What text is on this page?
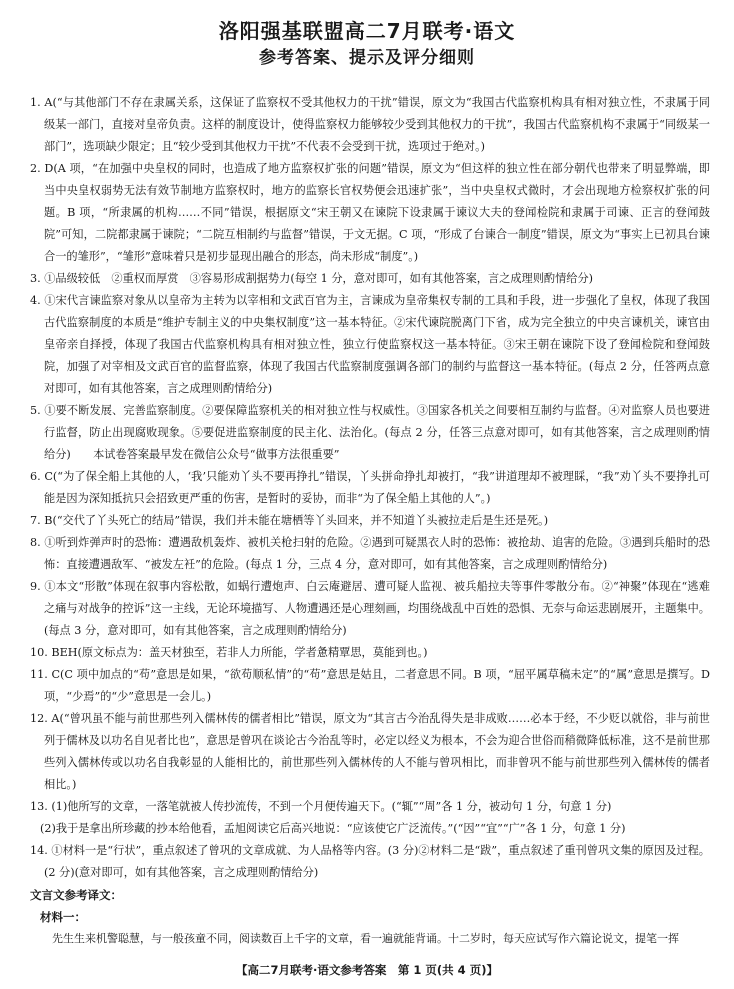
洛阳强基联盟高二7月联考·语文
参考答案、提示及评分细则

1. A(“与其他部门不存在隶属关系，这保证了监察权不受其他权力的干扰”错误，原文为“我国古代监察机构具有相对独立性，不隶属于同级某一部门，直接对皇帝负责。这样的制度设计，使得监察权力能够较少受到其他权力的干扰”，我国古代监察机构不隶属于“同级某一部门”，选项缺少限定；且“较少受到其他权力干扰”不代表不会受到干扰，选项过于绝对。)

2. D(A 项，“在加强中央皇权的同时，也造成了地方监察权扩张的问题”错误，原文为“但这样的独立性在部分朝代也带来了明显弊端，即当中央皇权弱势无法有效节制地方监察权时，地方的监察长官权势便会迅速扩张”，当中央皇权式微时，才会出现地方检察权扩张的问题。B 项，“所隶属的机构……不同”错误，根据原文“宋王朝又在谏院下设隶属于谏议大夫的登闻检院和隶属于司谏、正言的登闻鼓院”可知，二院都隶属于谏院；“二院互相制约与监督”错误，于文无据。C 项，“形成了台谏合一制度”错误，原文为“事实上已初具台谏合一的雏形”，“雏形”意味着只是初步显现出融合的形态，尚未形成“制度”。)

3. ①品级较低　②重权而厚赏　③容易形成割据势力(每空 1 分，意对即可，如有其他答案，言之成理则酌情给分)

4. ①宋代言谏监察对象从以皇帝为主转为以宰相和文武百官为主，言谏成为皇帝集权专制的工具和手段，进一步强化了皇权，体现了我国古代监察制度的本质是“维护专制主义的中央集权制度”这一基本特征。②宋代谏院脱离门下省，成为完全独立的中央言谏机关，谏官由皇帝亲自择授，体现了我国古代监察机构具有相对独立性，独立行使监察权这一基本特征。③宋王朝在谏院下设了登闻检院和登闻鼓院，加强了对宰相及文武百官的监督监察，体现了我国古代监察制度强调各部门的制约与监督这一基本特征。(每点 2 分，任答两点意对即可，如有其他答案，言之成理则酌情给分)

5. ①要不断发展、完善监察制度。②要保障监察机关的相对独立性与权威性。③国家各机关之间要相互制约与监督。④对监察人员也要进行监督，防止出现腐败现象。⑤要促进监察制度的民主化、法治化。(每点 2 分，任答三点意对即可，如有其他答案，言之成理则酌情给分)　　本试卷答案最早发在微信公众号“做事方法很重要”

6. C(“为了保全船上其他的人，‘我’只能劝丫头不要再挣扎”错误，丫头拼命挣扎却被打，“我”讲道理却不被理睬，“我”劝丫头不要挣扎可能是因为深知抵抗只会招致更严重的伤害，是暂时的妥协，而非“为了保全船上其他的人”。)

7. B(“交代了丫头死亡的结局”错误，我们并未能在塘栖等丫头回来，并不知道丫头被拉走后是生还是死。)

8. ①听到炸弹声时的恐怖：遭遇敌机轰炸、被机关枪扫射的危险。②遇到可疑黑衣人时的恐怖：被抢劫、追害的危险。③遇到兵船时的恐怖：直接遭遇敌军、“被发左衽”的危险。(每点 1 分，三点 4 分，意对即可，如有其他答案，言之成理则酌情给分)

9. ①本文“形散”体现在叙事内容松散，如蜗行遭炮声、白云庵避居、遭可疑人监视、被兵船拉夫等事件零散分布。②“神聚”体现在“逃难之痛与对战争的控诉”这一主线，无论环境描写、人物遭遇还是心理刻画，均围绕战乱中百姓的恐惧、无奈与命运悲剧展开，主题集中。(每点 3 分，意对即可，如有其他答案，言之成理则酌情给分)

10. BEH(原文标点为：盖天材独至，若非人力所能，学者惫精覃思，莫能到也。)

11. C(C 项中加点的“苟”意思是如果，“欲苟顺私情”的“苟”意思是姑且，二者意思不同。B 项，“屈平属草稿未定”的“属”意思是撰写。D 项，“少焉”的“少”意思是一会儿。)

12. A(“曾巩虽不能与前世那些列入儒林传的儒者相比”错误，原文为“其言古今治乱得失是非成败……必本于经，不少贬以就俗，非与前世列于儒林及以功名自见者比也”，意思是曾巩在谈论古今治乱等时，必定以经义为根本，不会为迎合世俗而稍微降低标准，这不是前世那些列入儒林传或以功名自我彰显的人能相比的，前世那些列入儒林传的人不能与曾巩相比，而非曾巩不能与前世那些列入儒林传的儒者相比。)

13. (1)他所写的文章，一落笔就被人传抄流传，不到一个月便传遍天下。(“辄”“周”各 1 分，被动句 1 分，句意 1 分)

(2)我于是拿出所珍藏的抄本给他看，孟旭阅读它后高兴地说：“应该使它广泛流传。”(“因”“宜”“广”各 1 分，句意 1 分)

14. ①材料一是“行状”，重点叙述了曾巩的文章成就、为人品格等内容。(3 分)②材料二是“跋”，重点叙述了重刊曾巩文集的原因及过程。(2 分)(意对即可，如有其他答案，言之成理则酌情给分)

文言文参考译文：

材料一：

先生生来机警聪慧，与一般孩童不同，阅读数百上千字的文章，看一遍就能背诵。十二岁时，每天应试写作六篇论说文，提笔一挥

【高二7月联考·语文参考答案　第 1 页(共 4 页)】
